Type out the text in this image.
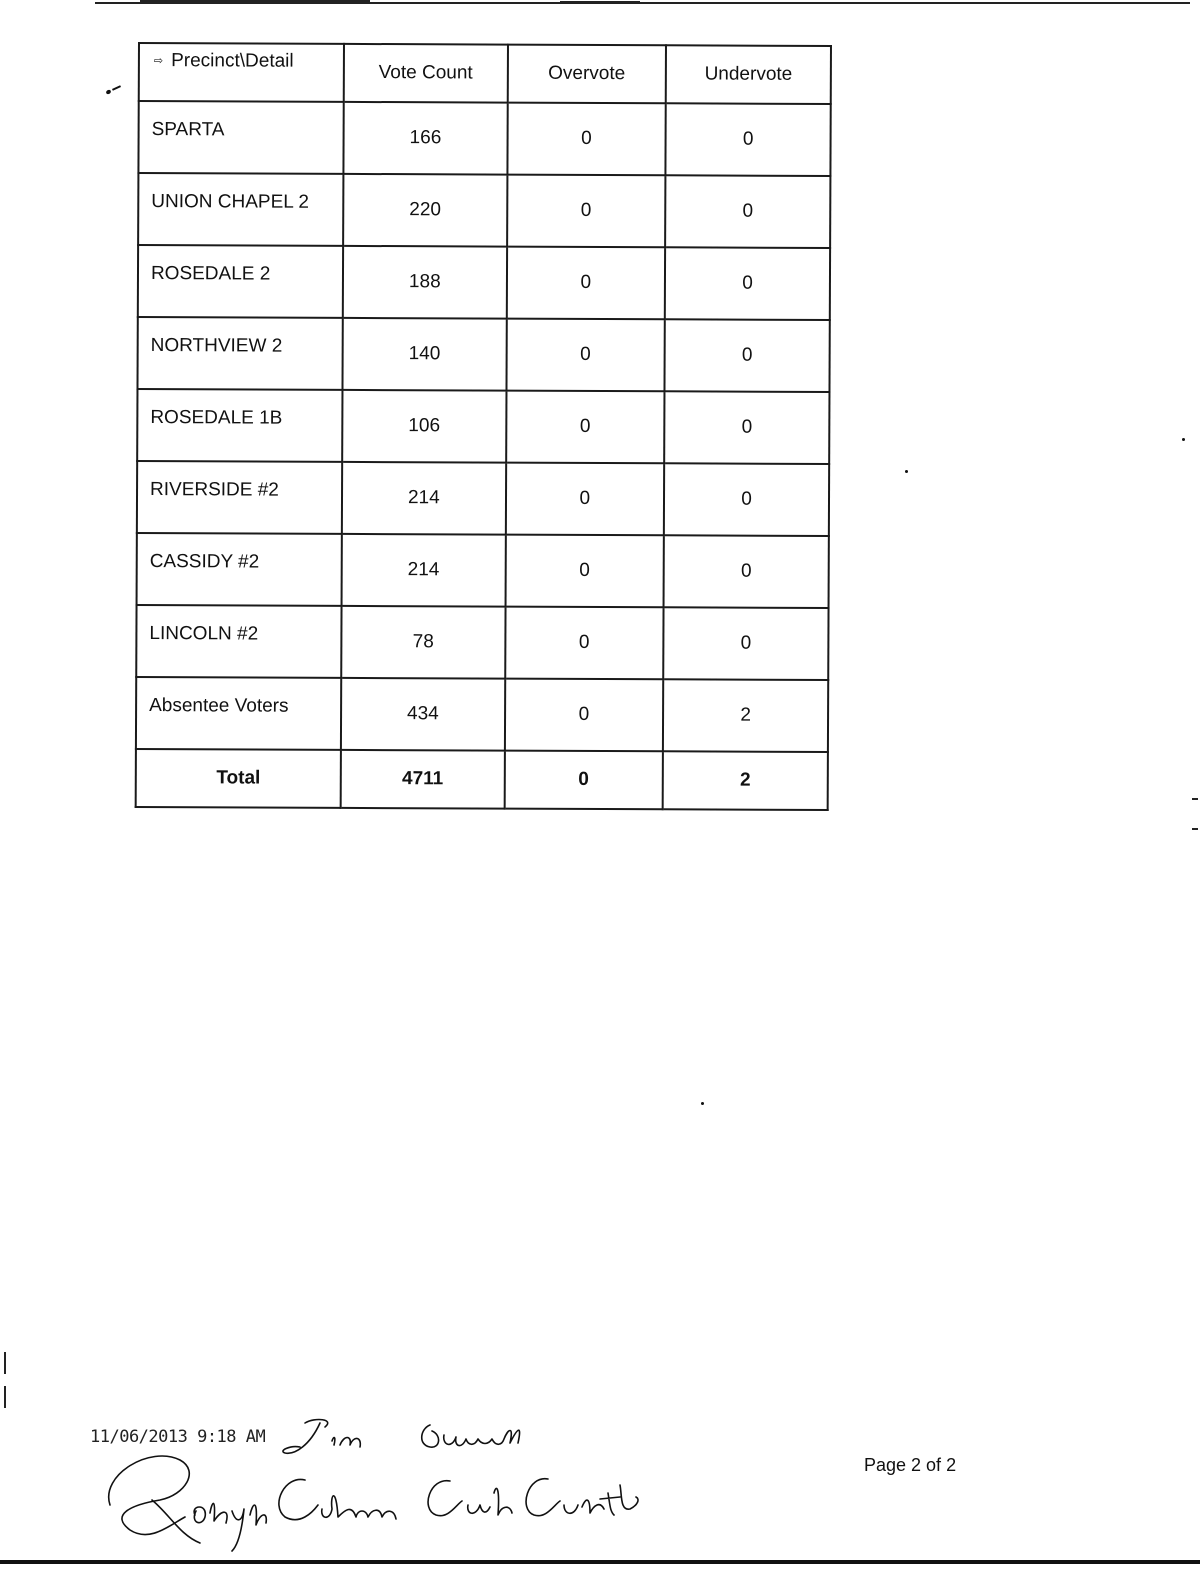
⇨ Precinct\Detail	Vote Count	Overvote	Undervote
SPARTA	166	0	0
UNION CHAPEL 2	220	0	0
ROSEDALE 2	188	0	0
NORTHVIEW 2	140	0	0
ROSEDALE 1B	106	0	0
RIVERSIDE #2	214	0	0
CASSIDY #2	214	0	0
LINCOLN #2	78	0	0
Absentee Voters	434	0	2
Total	4711	0	2
11/06/2013 9:18 AM
Page 2 of 2
